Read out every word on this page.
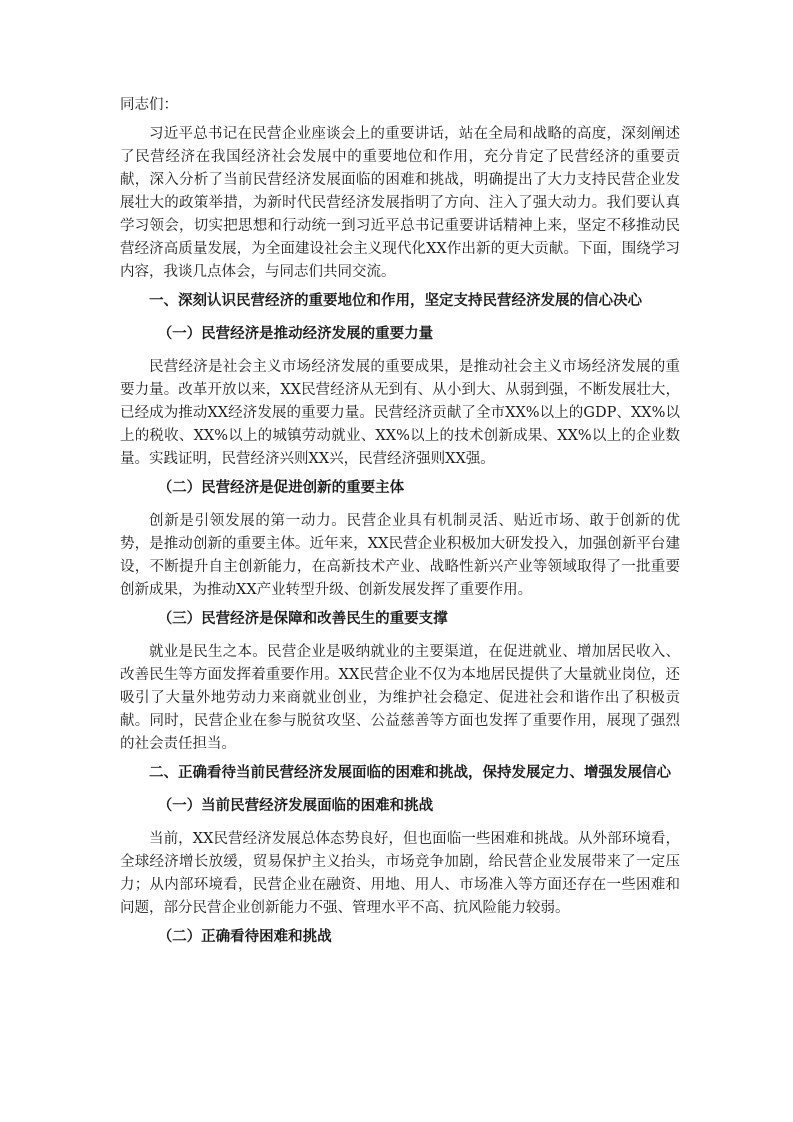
同志们：

习近平总书记在民营企业座谈会上的重要讲话，站在全局和战略的高度，深刻阐述了民营经济在我国经济社会发展中的重要地位和作用，充分肯定了民营经济的重要贡献，深入分析了当前民营经济发展面临的困难和挑战，明确提出了大力支持民营企业发展壮大的政策举措，为新时代民营经济发展指明了方向、注入了强大动力。我们要认真学习领会，切实把思想和行动统一到习近平总书记重要讲话精神上来，坚定不移推动民营经济高质量发展，为全面建设社会主义现代化XX作出新的更大贡献。下面，围绕学习内容，我谈几点体会，与同志们共同交流。

一、深刻认识民营经济的重要地位和作用，坚定支持民营经济发展的信心决心

（一）民营经济是推动经济发展的重要力量

民营经济是社会主义市场经济发展的重要成果，是推动社会主义市场经济发展的重要力量。改革开放以来，XX民营经济从无到有、从小到大、从弱到强，不断发展壮大，已经成为推动XX经济发展的重要力量。民营经济贡献了全市XX%以上的GDP、XX%以上的税收、XX%以上的城镇劳动就业、XX%以上的技术创新成果、XX%以上的企业数量。实践证明，民营经济兴则XX兴，民营经济强则XX强。

（二）民营经济是促进创新的重要主体

创新是引领发展的第一动力。民营企业具有机制灵活、贴近市场、敢于创新的优势，是推动创新的重要主体。近年来，XX民营企业积极加大研发投入，加强创新平台建设，不断提升自主创新能力，在高新技术产业、战略性新兴产业等领域取得了一批重要创新成果，为推动XX产业转型升级、创新发展发挥了重要作用。

（三）民营经济是保障和改善民生的重要支撑

就业是民生之本。民营企业是吸纳就业的主要渠道，在促进就业、增加居民收入、改善民生等方面发挥着重要作用。XX民营企业不仅为本地居民提供了大量就业岗位，还吸引了大量外地劳动力来商就业创业，为维护社会稳定、促进社会和谐作出了积极贡献。同时，民营企业在参与脱贫攻坚、公益慈善等方面也发挥了重要作用，展现了强烈的社会责任担当。

二、正确看待当前民营经济发展面临的困难和挑战，保持发展定力、增强发展信心

（一）当前民营经济发展面临的困难和挑战

当前，XX民营经济发展总体态势良好，但也面临一些困难和挑战。从外部环境看，全球经济增长放缓，贸易保护主义抬头，市场竞争加剧，给民营企业发展带来了一定压力；从内部环境看，民营企业在融资、用地、用人、市场准入等方面还存在一些困难和问题，部分民营企业创新能力不强、管理水平不高、抗风险能力较弱。

（二）正确看待困难和挑战
